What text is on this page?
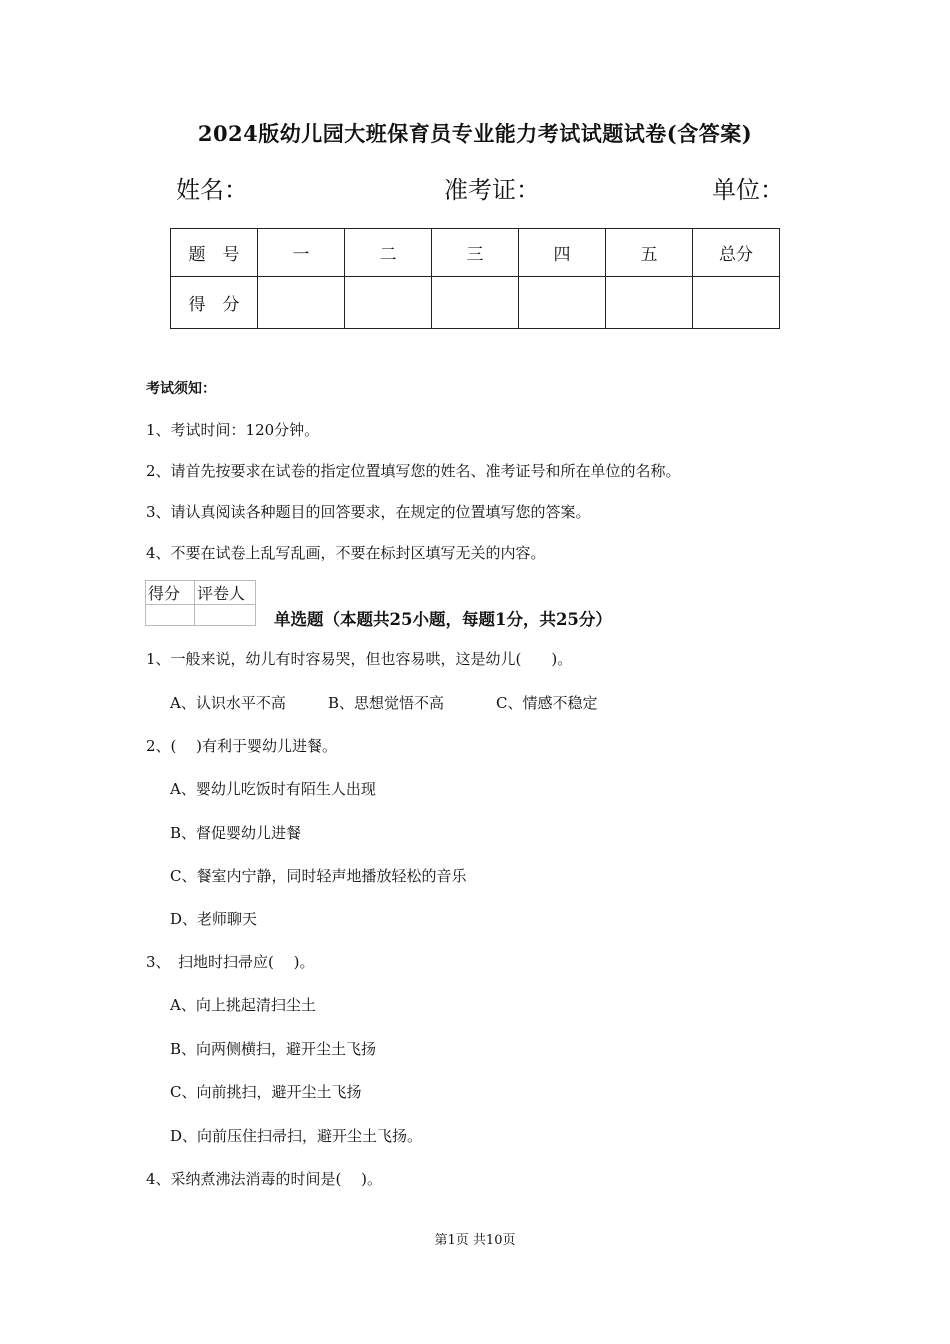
2024版幼儿园大班保育员专业能力考试试题试卷(含答案)
姓名：	准考证：	单位：
题　号	一	二	三	四	五	总分
得　分						
考试须知：
1、考试时间：120分钟。
2、请首先按要求在试卷的指定位置填写您的姓名、准考证号和所在单位的名称。
3、请认真阅读各种题目的回答要求，在规定的位置填写您的答案。
4、不要在试卷上乱写乱画，不要在标封区填写无关的内容。
得分	评卷人

单选题（本题共25小题，每题1分，共25分）
1、一般来说，幼儿有时容易哭，但也容易哄，这是幼儿(　　)。
A、认识水平不高	B、思想觉悟不高	C、情感不稳定
2、(　 )有利于婴幼儿进餐。
A、婴幼儿吃饭时有陌生人出现
B、督促婴幼儿进餐
C、餐室内宁静，同时轻声地播放轻松的音乐
D、老师聊天
3、　扫地时扫帚应(　 )。
A、向上挑起清扫尘土
B、向两侧横扫，避开尘土飞扬
C、向前挑扫，避开尘土飞扬
D、向前压住扫帚扫，避开尘土飞扬。
4、采纳煮沸法消毒的时间是(　 )。
第1页 共10页
